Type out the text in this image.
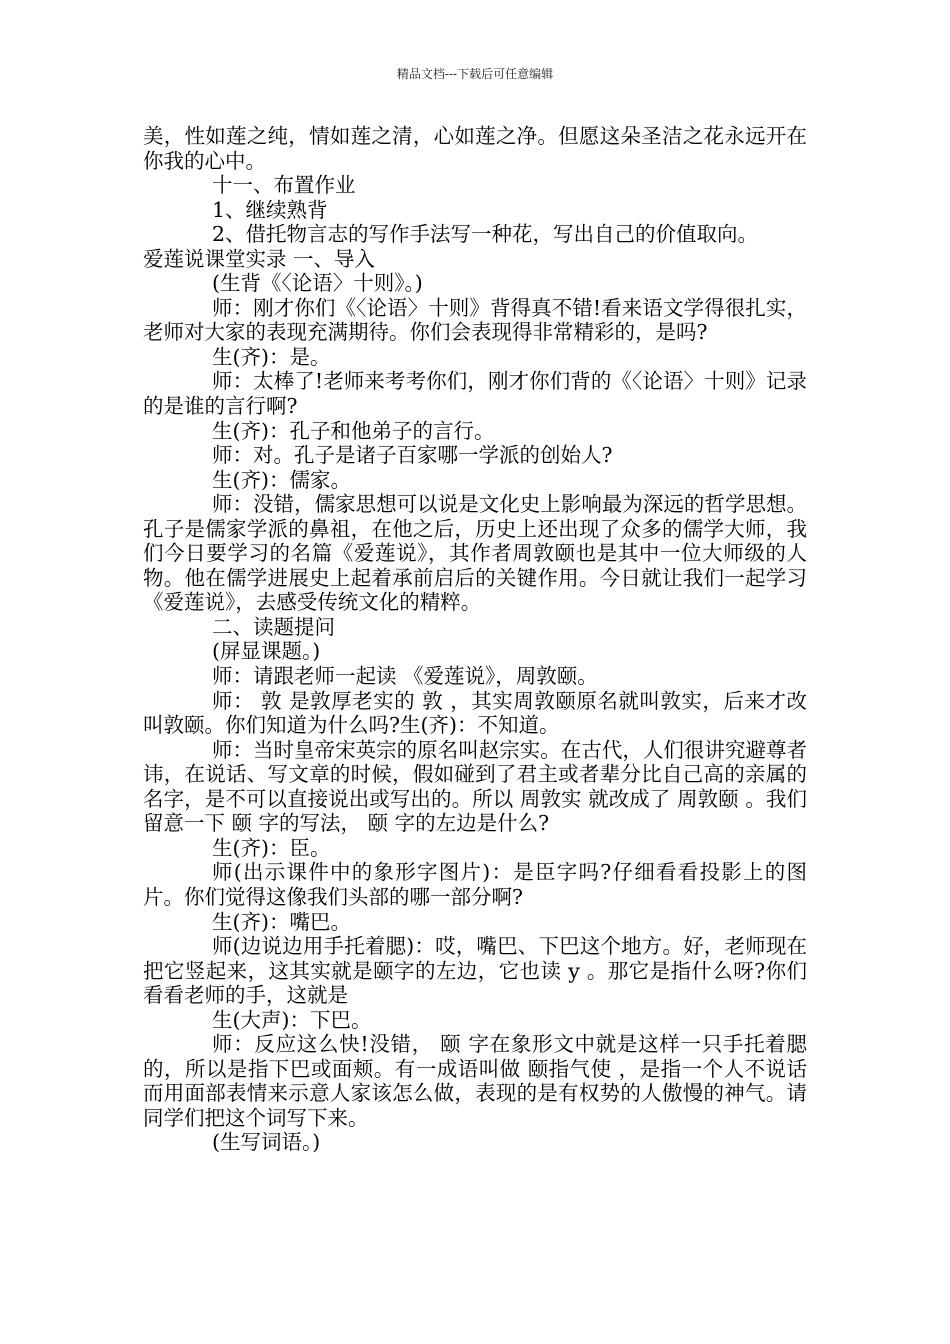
精品文档---下载后可任意编辑

美，性如莲之纯，情如莲之清，心如莲之净。但愿这朵圣洁之花永远开在你我的心中。

十一、布置作业

1、继续熟背

2、借托物言志的写作手法写一种花，写出自己的价值取向。

爱莲说课堂实录 一、导入

(生背《〈论语〉十则》。)

师：刚才你们《〈论语〉十则》背得真不错!看来语文学得很扎实，老师对大家的表现充满期待。你们会表现得非常精彩的，是吗?

生(齐)：是。

师：太棒了!老师来考考你们，刚才你们背的《〈论语〉十则》记录的是谁的言行啊?

生(齐)：孔子和他弟子的言行。

师：对。孔子是诸子百家哪一学派的创始人?

生(齐)：儒家。

师：没错，儒家思想可以说是文化史上影响最为深远的哲学思想。孔子是儒家学派的鼻祖，在他之后，历史上还出现了众多的儒学大师，我们今日要学习的名篇《爱莲说》，其作者周敦颐也是其中一位大师级的人物。他在儒学进展史上起着承前启后的关键作用。今日就让我们一起学习《爱莲说》，去感受传统文化的精粹。

二、读题提问

(屏显课题。)

师：请跟老师一起读 《爱莲说》，周敦颐。

师： 敦 是敦厚老实的 敦 ，其实周敦颐原名就叫敦实，后来才改叫敦颐。你们知道为什么吗?生(齐)：不知道。

师：当时皇帝宋英宗的原名叫赵宗实。在古代，人们很讲究避尊者讳，在说话、写文章的时候，假如碰到了君主或者辈分比自己高的亲属的名字，是不可以直接说出或写出的。所以 周敦实 就改成了 周敦颐 。我们留意一下 颐 字的写法， 颐 字的左边是什么?

生(齐)：臣。

师(出示课件中的象形字图片)：是臣字吗?仔细看看投影上的图片。你们觉得这像我们头部的哪一部分啊?

生(齐)：嘴巴。

师(边说边用手托着腮)：哎，嘴巴、下巴这个地方。好，老师现在把它竖起来，这其实就是颐字的左边，它也读 y 。那它是指什么呀?你们看看老师的手，这就是

生(大声)：下巴。

师：反应这么快!没错， 颐 字在象形文中就是这样一只手托着腮的，所以是指下巴或面颊。有一成语叫做 颐指气使 ，是指一个人不说话而用面部表情来示意人家该怎么做，表现的是有权势的人傲慢的神气。请同学们把这个词写下来。

(生写词语。)
